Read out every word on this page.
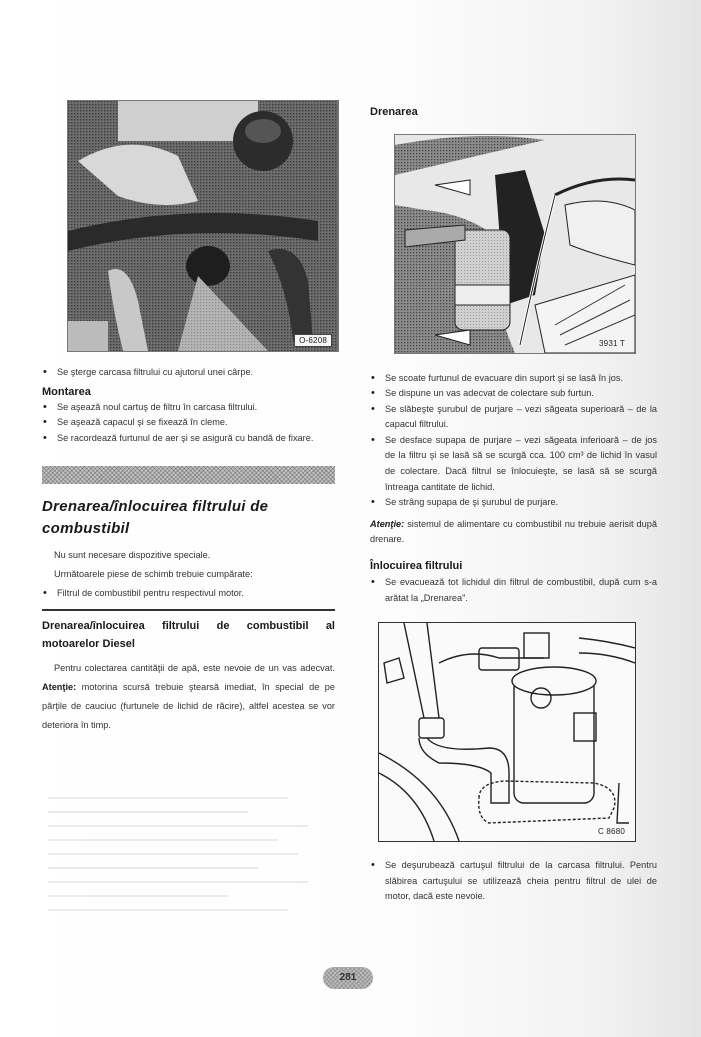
O-6208
• Se şterge carcasa filtrului cu ajutorul unei cârpe.
Montarea
• Se aşează noul cartuş de filtru în carcasa filtrului.
• Se aşează capacul şi se fixează în cleme.
• Se racordează furtunul de aer şi se asigură cu bandă de fixare.
Drenarea/înlocuirea filtrului de combustibil

Nu sunt necesare dispozitive speciale.

Următoarele piese de schimb trebuie cumpărate:

• Filtrul de combustibil pentru respectivul motor.
Drenarea/înlocuirea filtrului de combustibil al motoarelor Diesel

Pentru colectarea cantităţii de apă, este nevoie de un vas adecvat. Atenţie: motorina scursă trebuie ştearsă imediat, în special de pe părţile de cauciuc (furtunele de lichid de răcire), altfel acestea se vor deteriora în timp.

Drenarea
3931 T
• Se scoate furtunul de evacuare din suport şi se lasă în jos.
• Se dispune un vas adecvat de colectare sub furtun.
• Se slăbeşte şurubul de purjare – vezi săgeata superioară – de la capacul filtrului.
• Se desface supapa de purjare – vezi săgeata inferioară – de jos de la filtru şi se lasă să se scurgă cca. 100 cm³ de lichid în vasul de colectare. Dacă filtrul se înlocuieşte, se lasă să se scurgă întreaga cantitate de lichid.
• Se strâng supapa de şi şurubul de purjare.

Atenţie: sistemul de alimentare cu combustibil nu trebuie aerisit după drenare.

Înlocuirea filtrului
• Se evacuează tot lichidul din filtrul de combustibil, după cum s-a arătat la „Drenarea".
C 8680
• Se deşurubează cartuşul filtrului de la carcasa filtrului. Pentru slăbirea cartuşului se utilizează cheia pentru filtrul de ulei de motor, dacă este nevoie.
281
